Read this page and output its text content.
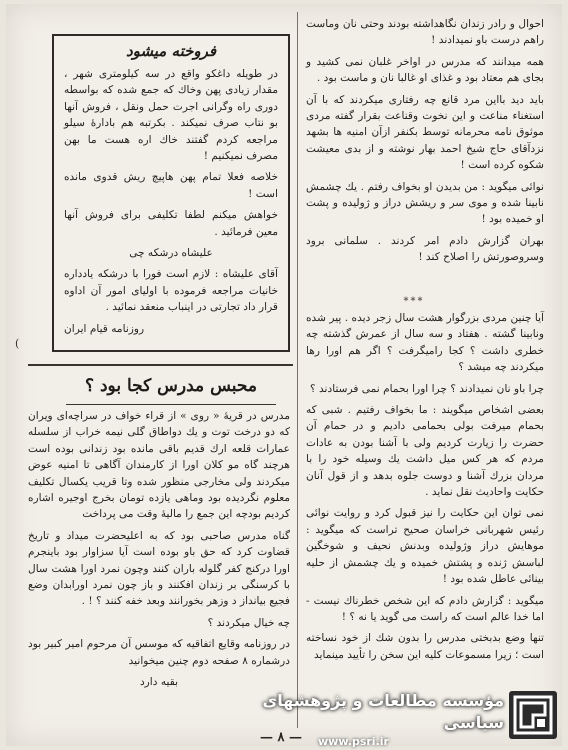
احوال و رادر زندان نگاهداشته بودند وحتی نان وماست راهم درست باو نمیدادند !

همه میدانند که مدرس در اواخر غلبان نمی کشید و بجای هم معتاد بود و غذای او غالبا نان و ماست بود .

باید دید بااین مرد قانع چه رفتاری میکردند که با آن استغناء مناعت و این نخوت وقناعت بقرار گفته مردی موثوق نامه محرمانه توسط بکنفر ازآن امنیه ها بشهد نزدآقای حاج شیخ احمد بهار نوشته و از بدی معیشت شکوه کرده است !

نوائی میگوید : من بدیدن او بخواف رفتم . یك چشمش نابینا شده و موی سر و ریشش دراز و ژولیده و پشت او خمیده بود !

بهران گزارش دادم امر کردند . سلمانی برود وسروصورتش را اصلاح کند !

***

آیا چنین مردی بزرگوار هشت سال زجر دیده . پیر شده ونابینا گشته . هفتاد و سه سال از عمرش گذشته چه خطری داشت ؟ کجا رامیگرفت ؟ اگر هم اورا رها میکردند چه میشد ؟

چرا باو نان نمیدادند ؟ چرا اورا بحمام نمی فرستادند ؟

بعضی اشخاص میگویند : ما بخواف رفتیم . شبی که بحمام میرفت بولی بحمامی دادیم و در حمام آن حضرت را زیارت کردیم ولی با آشنا بودن به عادات مردم که هر کس میل داشت یك وسیله خود را با مردان بزرك آشنا و دوست جلوه بدهد و از قول آنان حکایت واحادیث نقل نماید .

نمی توان این حکایت را نیز قبول کرد و روایت نوائی رئیس شهربانی خراسان صحیح تراست که میگوید : موهایش دراز وژولیده وبدنش نحیف و شوخگین لباسش ژنده و پشتش خمیده و یك چشمش از حلیه بینائی عاطل شده بود !

میگوید : گزارش دادم که این شخص خطرناك نیست - اما خدا عالم است که راست می گوید یا نه ؟ !

تنها وضع بدبختی مدرس را بدون شك از خود نساخته است ؛ زیرا مسموعات کلیه این سخن را تأیید مینماید

فروخته میشود

در طویله داغکو واقع در سه کیلومتری شهر ، مقدار زیادی پهن وخاك که جمع شده که بواسطه دوری راه وگرانی اجرت حمل ونقل ، فروش آنها بو نتاب صرف نمیکند . بکرتبه هم بادارهٔ سیلو مراجعه کردم گفتند خاك اره هست ما بهن مصرف نمیکنیم !

خلاصه فعلا تمام پهن هاپیچ ریش قدوی مانده است !

خواهش میکنم لطفا تکلیفی برای فروش آنها معین فرمائید .

علیشاه درشکه چی

آقای علیشاه : لازم است فورا با درشکه یادداره خانیات مراجعه فرموده با اولیای امور آن اداوه قرار داد تجارتی در اینباب منعقد نمائید .

روزنامه قیام ایران

(
محبس مدرس کجا بود ؟

مدرس در قریهٔ « روی » از قراء خواف در سراچه‌ای ویران که دو درخت توت و یك دواطاق گلی نیمه خراب از سلسله عمارات قلعه ارك قدیم باقی مانده بود زندانی بوده است هرچند گاه مو کلان اورا از کارمندان آگاهی تا امنیه عوض میکردند ولی مخارجی منظور شده وتا قریب یکسال تکلیف معلوم نگردیده بود وماهی یازده تومان بخرج اوجیره اشاره کردیم بودچه این جمع را مالیهٔ وقت می پرداخت

گناه مدرس صاحبی بود که به اعلیحضرت میداد و تاریخ قضاوت کرد که حق باو بوده است آیا سزاوار بود باینجرم اورا درکنج کفر گلوله باران کنند وچون نمرد اورا هشت سال با کرسنگی بر زندان افکنند و باز چون نمرد اورابدان وضع فجیع بیانداز د وزهر بخورانند وبعد خفه کنند ؟ ! .

چه خیال میکردند ؟

در روزنامه وقایع اتفاقیه که موسس آن مرحوم امیر کبیر بود درشماره ۸ صفحه دوم چنین میخوانید

بقیه دارد

— ۸ —
مؤسسه مطالعات و پژوهشهای سیاسی
www.psri.ir
